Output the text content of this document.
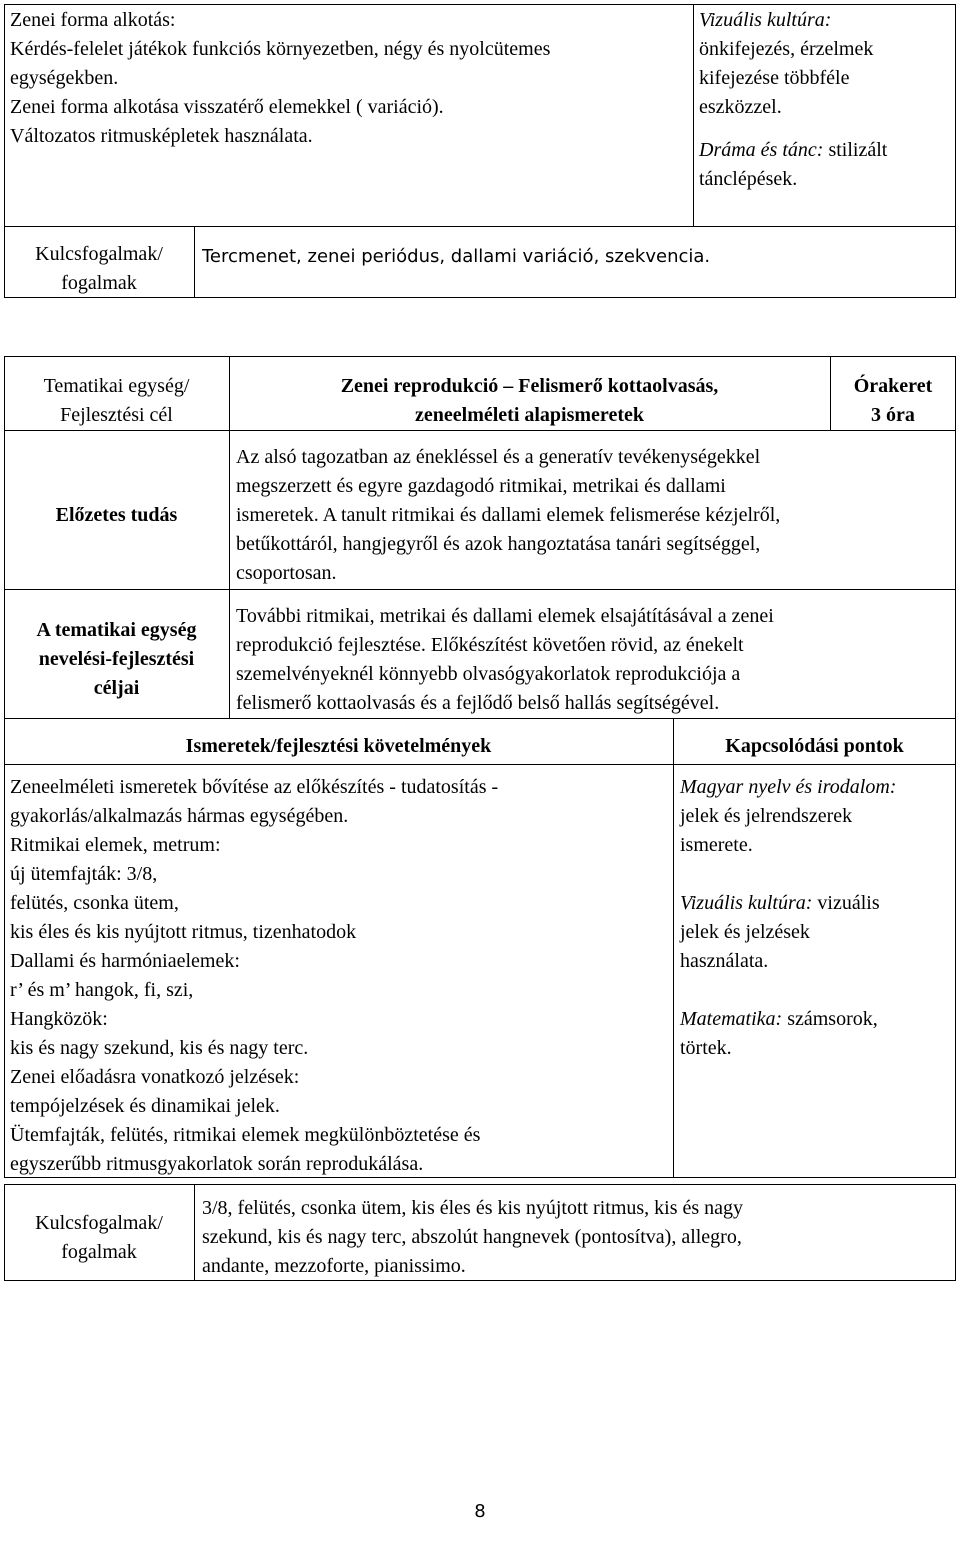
Zenei forma alkotás:
Kérdés-felelet játékok funkciós környezetben, négy és nyolcütemes
egységekben.
Zenei forma alkotása visszatérő elemekkel ( variáció).
Változatos ritmusképletek használata.
Vizuális kultúra:
önkifejezés, érzelmek
kifejezése többféle
eszközzel.
Dráma és tánc: stilizált
tánclépések.
Kulcsfogalmak/
fogalmak
Tercmenet, zenei periódus, dallami variáció, szekvencia.
Tematikai egység/
Fejlesztési cél
Zenei reprodukció – Felismerő kottaolvasás,
zeneelméleti alapismeretek
Órakeret
3 óra
Előzetes tudás
Az alsó tagozatban az énekléssel és a generatív tevékenységekkel
megszerzett és egyre gazdagodó ritmikai, metrikai és dallami
ismeretek. A tanult ritmikai és dallami elemek felismerése kézjelről,
betűkottáról, hangjegyről és azok hangoztatása tanári segítséggel,
csoportosan.
A tematikai egység
nevelési-fejlesztési
céljai
További ritmikai, metrikai és dallami elemek elsajátításával a zenei
reprodukció fejlesztése. Előkészítést követően rövid, az énekelt
szemelvényeknél könnyebb olvasógyakorlatok reprodukciója a
felismerő kottaolvasás és a fejlődő belső hallás segítségével.
Ismeretek/fejlesztési követelmények	Kapcsolódási pontok
Zeneelméleti ismeretek bővítése az előkészítés - tudatosítás -
gyakorlás/alkalmazás hármas egységében.
Ritmikai elemek, metrum:
új ütemfajták: 3/8,
felütés, csonka ütem,
kis éles és kis nyújtott ritmus, tizenhatodok
Dallami és harmóniaelemek:
r’ és m’ hangok, fi, szi,
Hangközök:
kis és nagy szekund, kis és nagy terc.
Zenei előadásra vonatkozó jelzések:
tempójelzések és dinamikai jelek.
Ütemfajták, felütés, ritmikai elemek megkülönböztetése és
egyszerűbb ritmusgyakorlatok során reprodukálása.
Magyar nyelv és irodalom:
jelek és jelrendszerek
ismerete.
Vizuális kultúra: vizuális
jelek és jelzések
használata.
Matematika: számsorok,
törtek.
Kulcsfogalmak/
fogalmak
3/8, felütés, csonka ütem, kis éles és kis nyújtott ritmus, kis és nagy
szekund, kis és nagy terc, abszolút hangnevek (pontosítva), allegro,
andante, mezzoforte, pianissimo.
8
